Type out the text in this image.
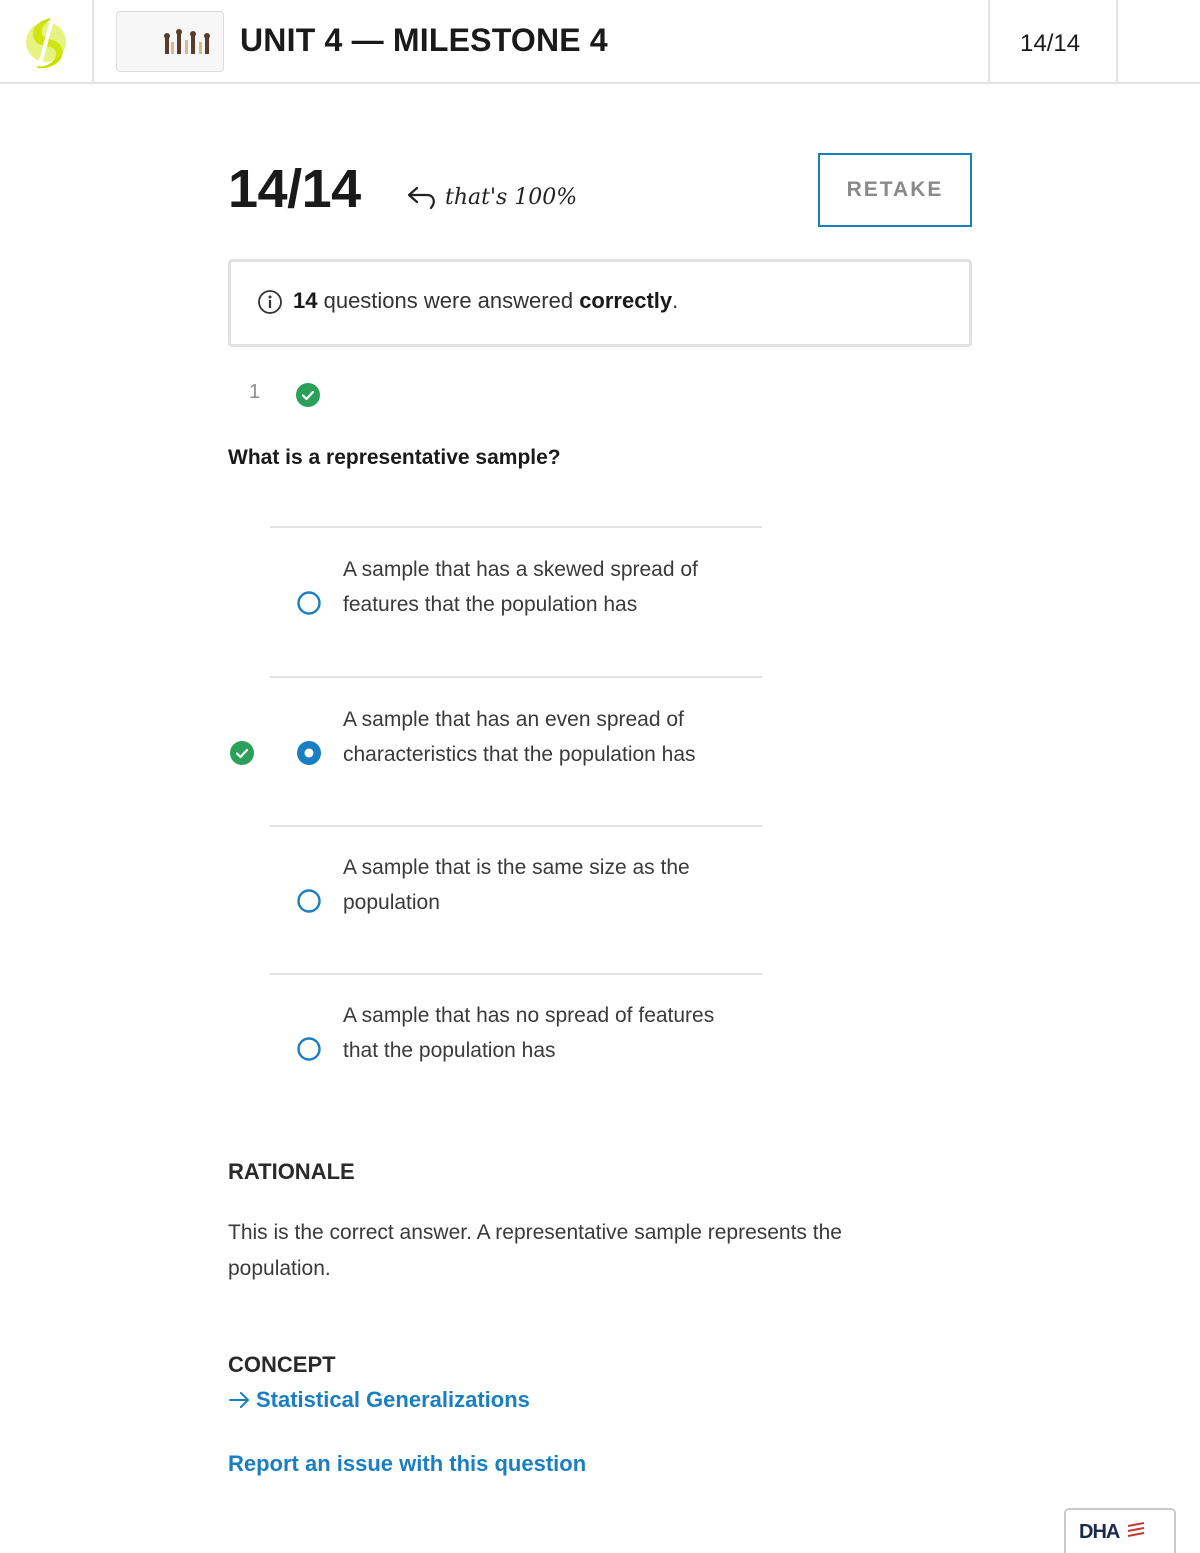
UNIT 4 — MILESTONE 4	14/14
14/14	that's 100%	RETAKE
14 questions were answered correctly.
1
What is a representative sample?
A sample that has a skewed spread of features that the population has
A sample that has an even spread of characteristics that the population has
A sample that is the same size as the population
A sample that has no spread of features that the population has
RATIONALE
This is the correct answer. A representative sample represents the population.
CONCEPT
Statistical Generalizations
Report an issue with this question
DHA
